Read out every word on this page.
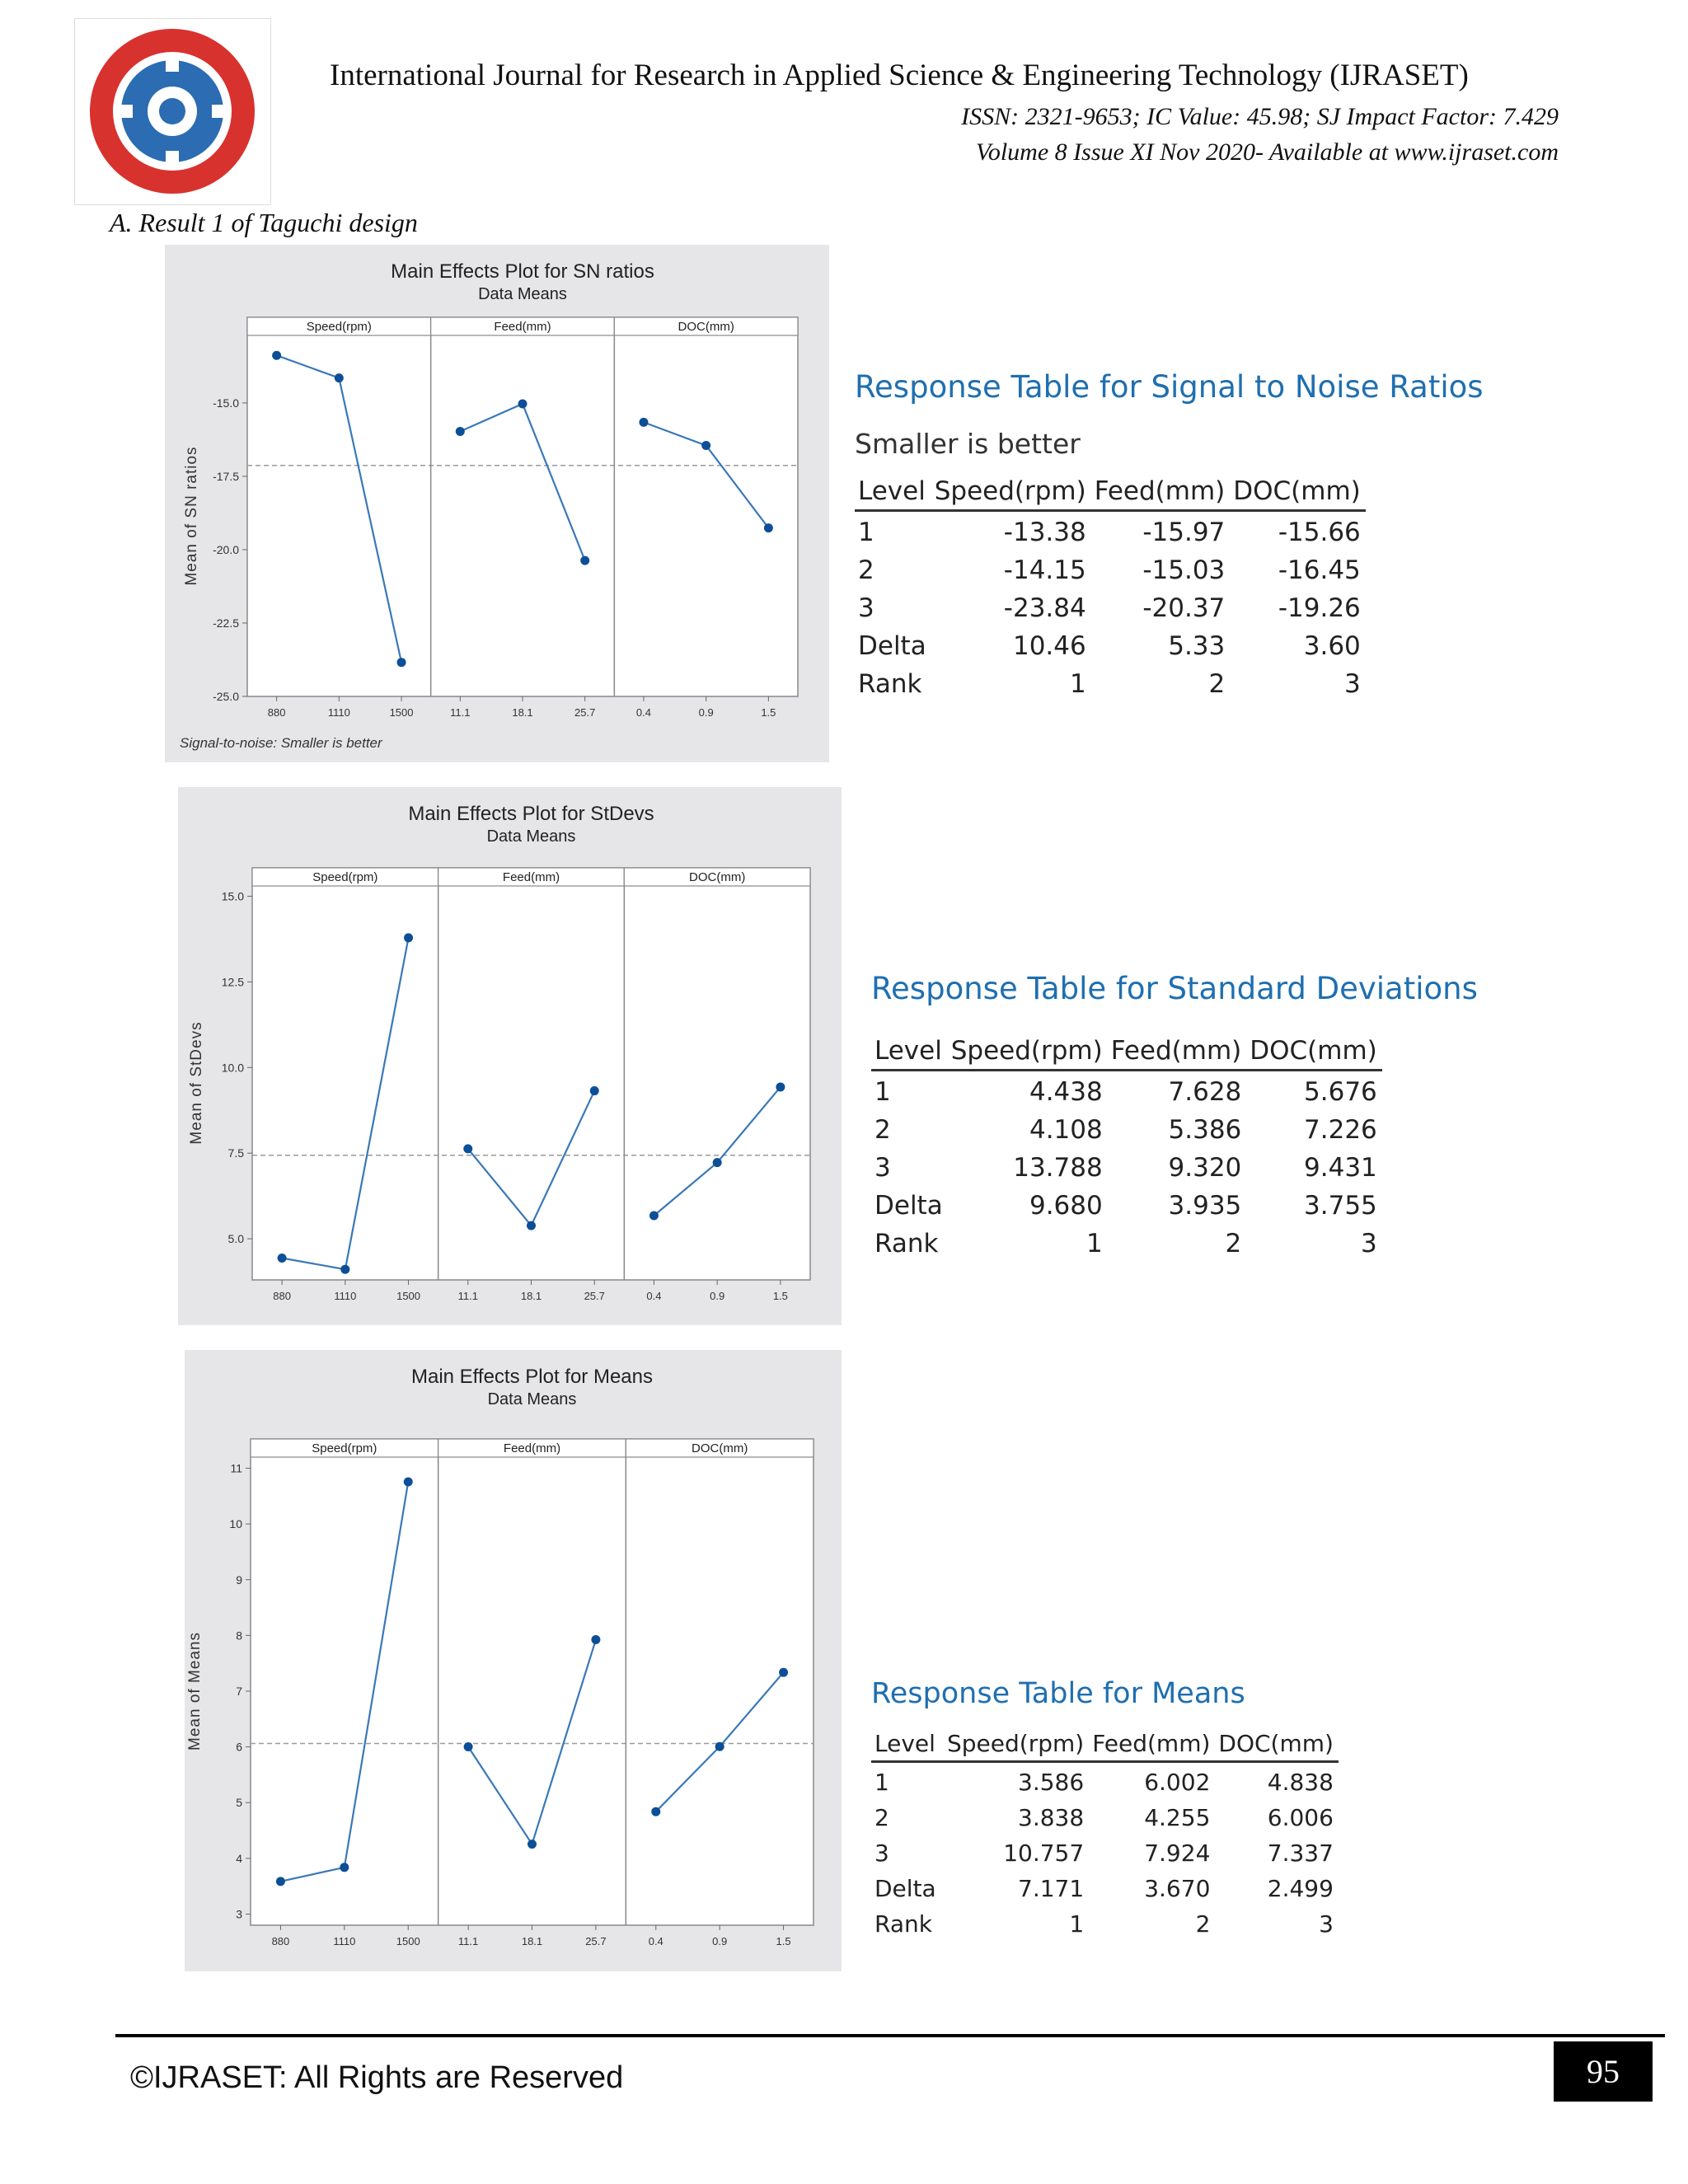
International Journal for Research in Applied Science & Engineering Technology (IJRASET)
ISSN: 2321-9653; IC Value: 45.98; SJ Impact Factor: 7.429
Volume 8 Issue XI Nov 2020- Available at www.ijraset.com
A. Result 1 of Taguchi design
Main Effects Plot for SN ratios
Data Means
-15.0
-17.5
-20.0
-22.5
-25.0
Mean of SN ratios
Speed(rpm)
880	1110	1500
Feed(mm)
11.1	18.1	25.7
DOC(mm)
0.4	0.9	1.5
Signal-to-noise: Smaller is better
Main Effects Plot for StDevs
Data Means
15.0
12.5
10.0
7.5
5.0
Mean of StDevs
Speed(rpm)
880	1110	1500
Feed(mm)
11.1	18.1	25.7
DOC(mm)
0.4	0.9	1.5
Main Effects Plot for Means
Data Means
11
10
9
8
7
6
5
4
3
Mean of Means
Speed(rpm)
880	1110	1500
Feed(mm)
11.1	18.1	25.7
DOC(mm)
0.4	0.9	1.5
Response Table for Signal to Noise Ratios
Smaller is better
Level	Speed(rpm)	Feed(mm)	DOC(mm)
1	-13.38	-15.97	-15.66
2	-14.15	-15.03	-16.45
3	-23.84	-20.37	-19.26
Delta	10.46	5.33	3.60
Rank	1	2	3
Response Table for Standard Deviations
Level	Speed(rpm)	Feed(mm)	DOC(mm)
1	4.438	7.628	5.676
2	4.108	5.386	7.226
3	13.788	9.320	9.431
Delta	9.680	3.935	3.755
Rank	1	2	3
Response Table for Means
Level	Speed(rpm)	Feed(mm)	DOC(mm)
1	3.586	6.002	4.838
2	3.838	4.255	6.006
3	10.757	7.924	7.337
Delta	7.171	3.670	2.499
Rank	1	2	3
©IJRASET: All Rights are Reserved	95
